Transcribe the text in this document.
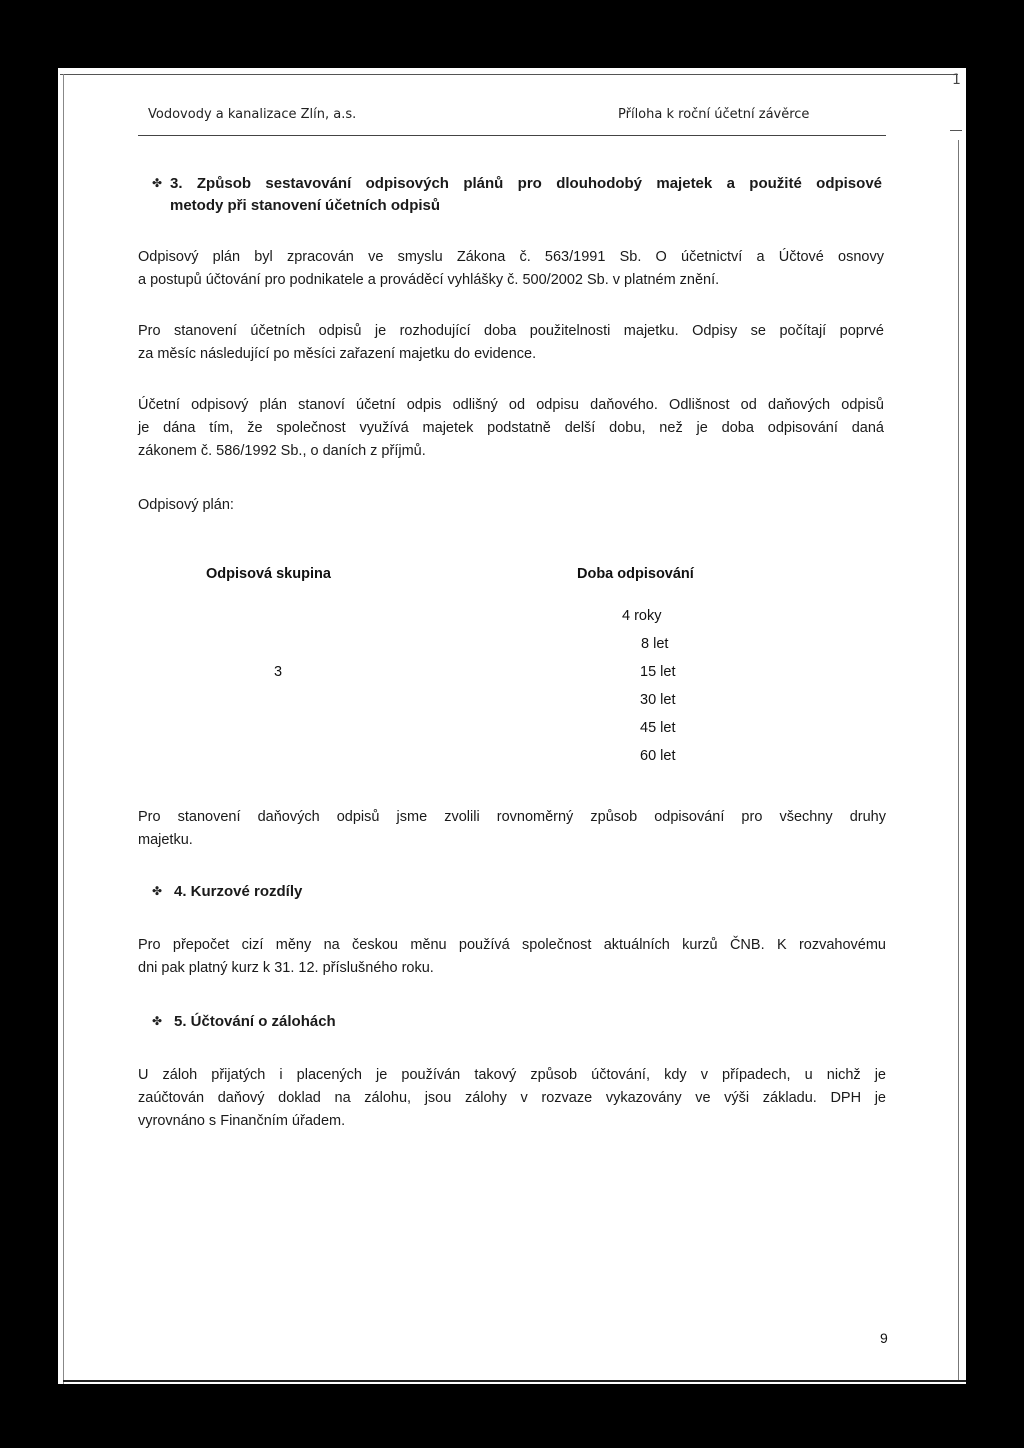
1
Vodovody a kanalizace Zlín, a.s.	Příloha k roční účetní závěrce
✤ 3. Způsob sestavování odpisových plánů pro dlouhodobý majetek a použité odpisové
metody při stanovení účetních odpisů
Odpisový plán byl zpracován ve smyslu Zákona č. 563/1991 Sb. O účetnictví a Účtové osnovy
a postupů účtování pro podnikatele a prováděcí vyhlášky č. 500/2002 Sb. v platném znění.
Pro stanovení účetních odpisů je rozhodující doba použitelnosti majetku. Odpisy se počítají poprvé
za měsíc následující po měsíci zařazení majetku do evidence.
Účetní odpisový plán stanoví účetní odpis odlišný od odpisu daňového. Odlišnost od daňových odpisů
je dána tím, že společnost využívá majetek podstatně delší dobu, než je doba odpisování daná
zákonem č. 586/1992 Sb., o daních z příjmů.
Odpisový plán:
Odpisová skupina	Doba odpisování
3
4 roky
8 let
15 let
30 let
45 let
60 let
Pro stanovení daňových odpisů jsme zvolili rovnoměrný způsob odpisování pro všechny druhy
majetku.
✤ 4. Kurzové rozdíly
Pro přepočet cizí měny na českou měnu používá společnost aktuálních kurzů ČNB. K rozvahovému
dni pak platný kurz k 31. 12. příslušného roku.
✤ 5. Účtování o zálohách
U záloh přijatých i placených je používán takový způsob účtování, kdy v případech, u nichž je
zaúčtován daňový doklad na zálohu, jsou zálohy v rozvaze vykazovány ve výši základu. DPH je
vyrovnáno s Finančním úřadem.
9
